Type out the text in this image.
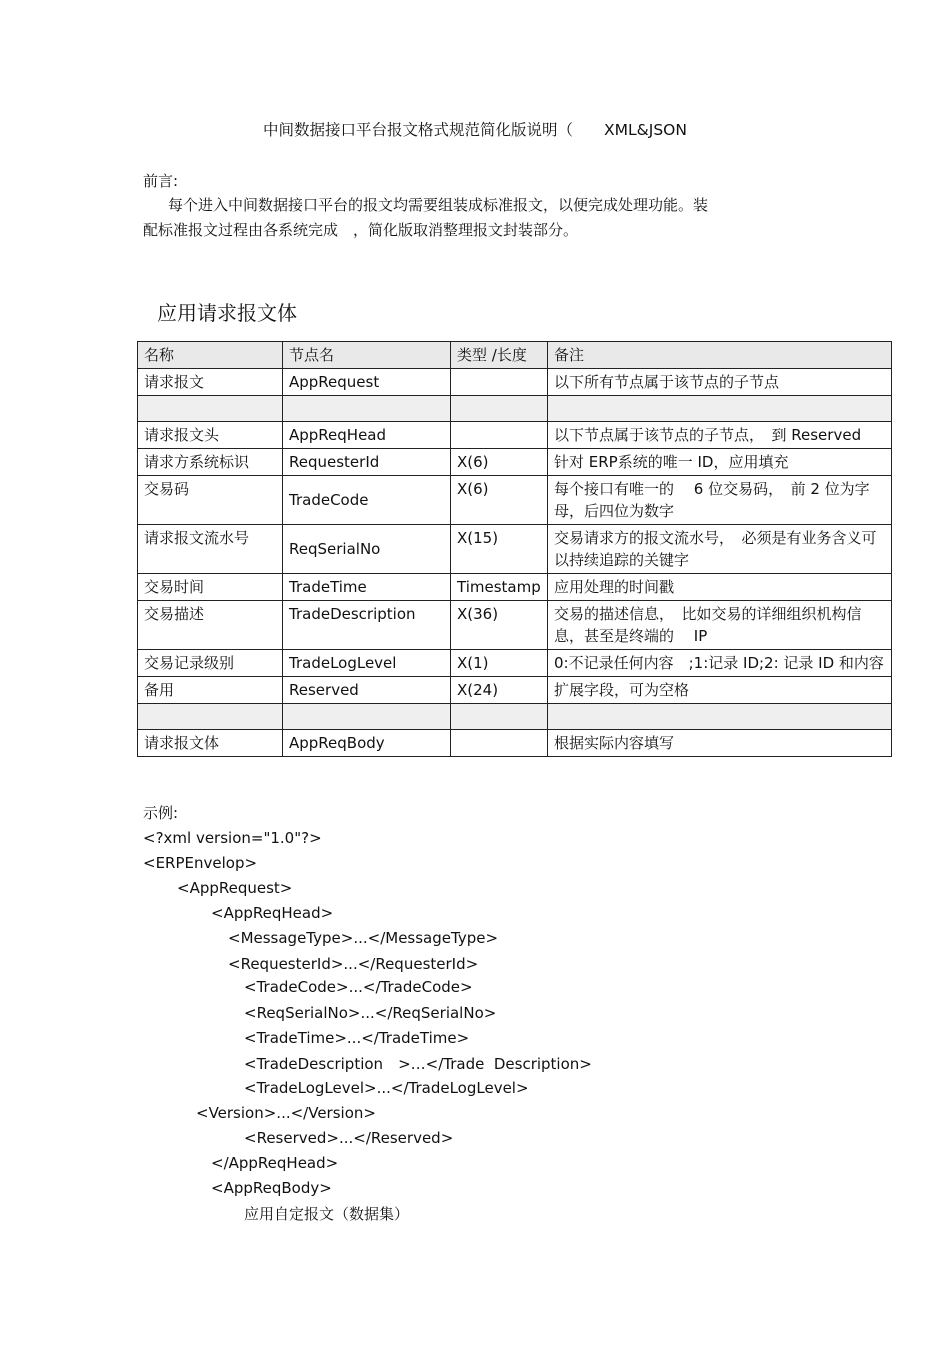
中间数据接口平台报文格式规范简化版说明（　　XML&JSON
前言:
每个进入中间数据接口平台的报文均需要组装成标准报文，以便完成处理功能。装
配标准报文过程由各系统完成　，简化版取消整理报文封装部分。
应用请求报文体
名称	节点名	类型 /长度	备注
请求报文	AppRequest		以下所有节点属于该节点的子节点

请求报文头	AppReqHead		以下节点属于该节点的子节点，　到 Reserved
请求方系统标识	RequesterId	X(6)	针对 ERP系统的唯一 ID，应用填充
交易码	TradeCode	X(6)	每个接口有唯一的　 6 位交易码，　前 2 位为字母，后四位为数字
请求报文流水号	ReqSerialNo	X(15)	交易请求方的报文流水号，　必须是有业务含义可以持续追踪的关键字
交易时间	TradeTime	Timestamp	应用处理的时间戳
交易描述	TradeDescription	X(36)	交易的描述信息，　比如交易的详细组织机构信息，甚至是终端的　 IP
交易记录级别	TradeLogLevel	X(1)	0:不记录任何内容　;1:记录 ID;2: 记录 ID 和内容
备用	Reserved	X(24)	扩展字段，可为空格

请求报文体	AppReqBody		根据实际内容填写
示例:
<?xml version="1.0"?>
<ERPEnvelop>
<AppRequest>
<AppReqHead>
<MessageType>...</MessageType>
<RequesterId>...</RequesterId>
<TradeCode>...</TradeCode>
<ReqSerialNo>...</ReqSerialNo>
<TradeTime>...</TradeTime>
<TradeDescription　>…</Trade  Description>
<TradeLogLevel>...</TradeLogLevel>
<Version>...</Version>
<Reserved>...</Reserved>
</AppReqHead>
<AppReqBody>
应用自定报文（数据集）
